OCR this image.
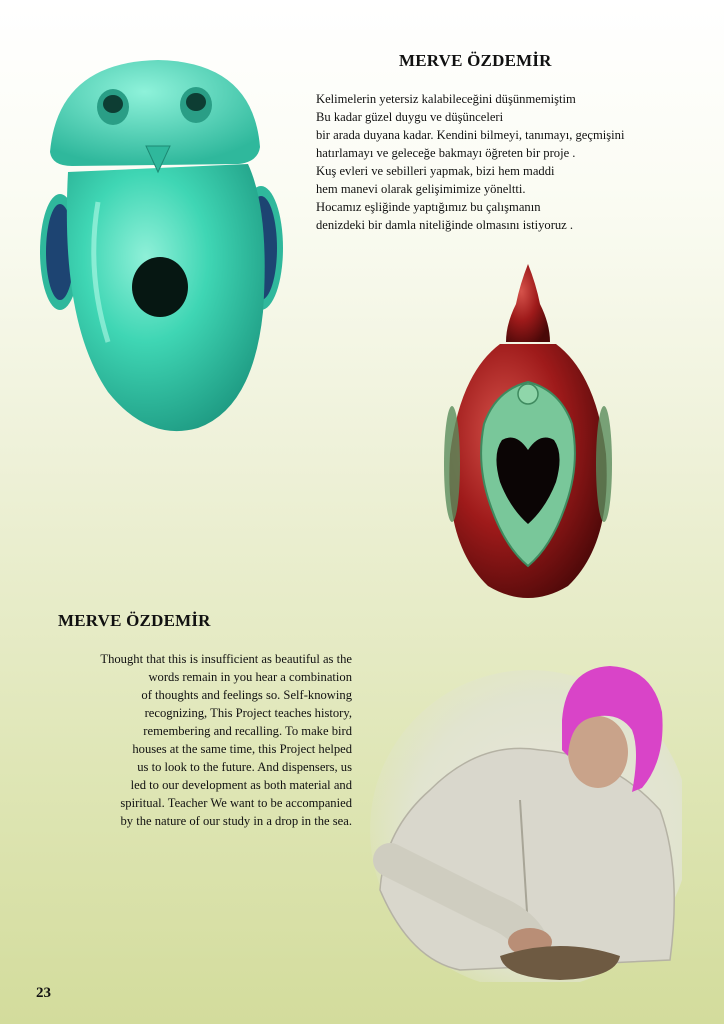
MERVE ÖZDEMİR
Kelimelerin yetersiz kalabileceğini düşünmemiştim
Bu kadar güzel duygu ve düşünceleri
bir arada duyana kadar. Kendini bilmeyi, tanımayı, geçmişini
hatırlamayı ve geleceğe bakmayı öğreten bir proje .
Kuş evleri ve sebilleri yapmak, bizi hem maddi
hem manevi olarak gelişimimize yöneltti.
Hocamız eşliğinde yaptığımız bu çalışmanın
denizdeki bir damla niteliğinde olmasını istiyoruz .
MERVE ÖZDEMİR
Thought that this is insufficient as beautiful as the
words remain in you hear a combination
of thoughts and feelings so. Self-knowing
recognizing, This Project teaches history,
remembering and recalling. To make bird
houses at the same time, this Project helped
us to look to the future. And dispensers, us
led to our development as both material and
spiritual. Teacher We want to be accompanied
by the nature of our study in a drop in the sea.
23
